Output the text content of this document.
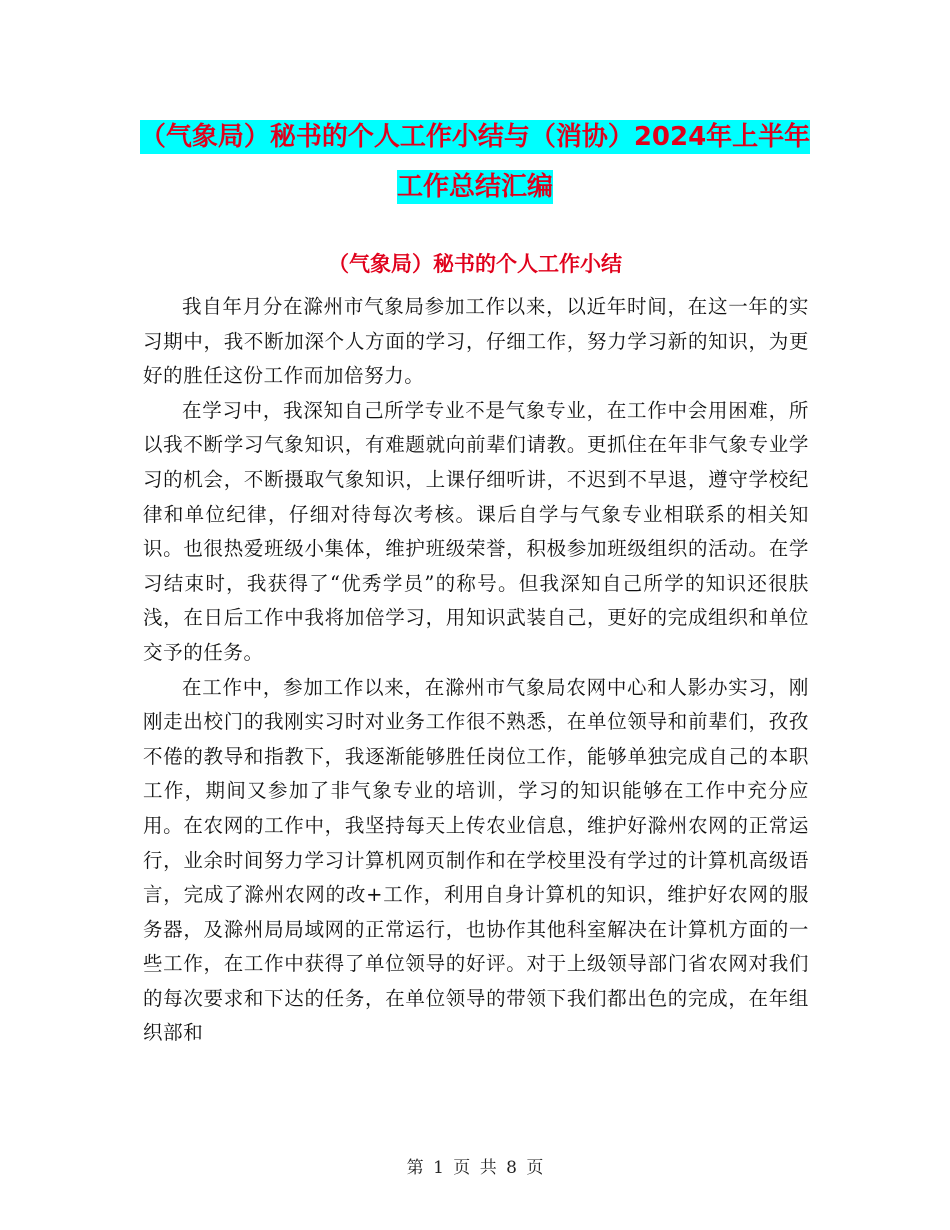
（气象局）秘书的个人工作小结与（消协）2024年上半年工作总结汇编
（气象局）秘书的个人工作小结

我自年月分在滁州市气象局参加工作以来，以近年时间，在这一年的实习期中，我不断加深个人方面的学习，仔细工作，努力学习新的知识，为更好的胜任这份工作而加倍努力。

在学习中，我深知自己所学专业不是气象专业，在工作中会用困难，所以我不断学习气象知识，有难题就向前辈们请教。更抓住在年非气象专业学习的机会，不断摄取气象知识，上课仔细听讲，不迟到不早退，遵守学校纪律和单位纪律，仔细对待每次考核。课后自学与气象专业相联系的相关知识。也很热爱班级小集体，维护班级荣誉，积极参加班级组织的活动。在学习结束时，我获得了“优秀学员”的称号。但我深知自己所学的知识还很肤浅，在日后工作中我将加倍学习，用知识武装自己，更好的完成组织和单位交予的任务。

在工作中，参加工作以来，在滁州市气象局农网中心和人影办实习，刚刚走出校门的我刚实习时对业务工作很不熟悉，在单位领导和前辈们，孜孜不倦的教导和指教下，我逐渐能够胜任岗位工作，能够单独完成自己的本职工作，期间又参加了非气象专业的培训，学习的知识能够在工作中充分应用。在农网的工作中，我坚持每天上传农业信息，维护好滁州农网的正常运行，业余时间努力学习计算机网页制作和在学校里没有学过的计算机高级语言，完成了滁州农网的改+工作，利用自身计算机的知识，维护好农网的服务器，及滁州局局域网的正常运行，也协作其他科室解决在计算机方面的一些工作，在工作中获得了单位领导的好评。对于上级领导部门省农网对我们的每次要求和下达的任务，在单位领导的带领下我们都出色的完成，在年组织部和

第 1 页 共 8 页
